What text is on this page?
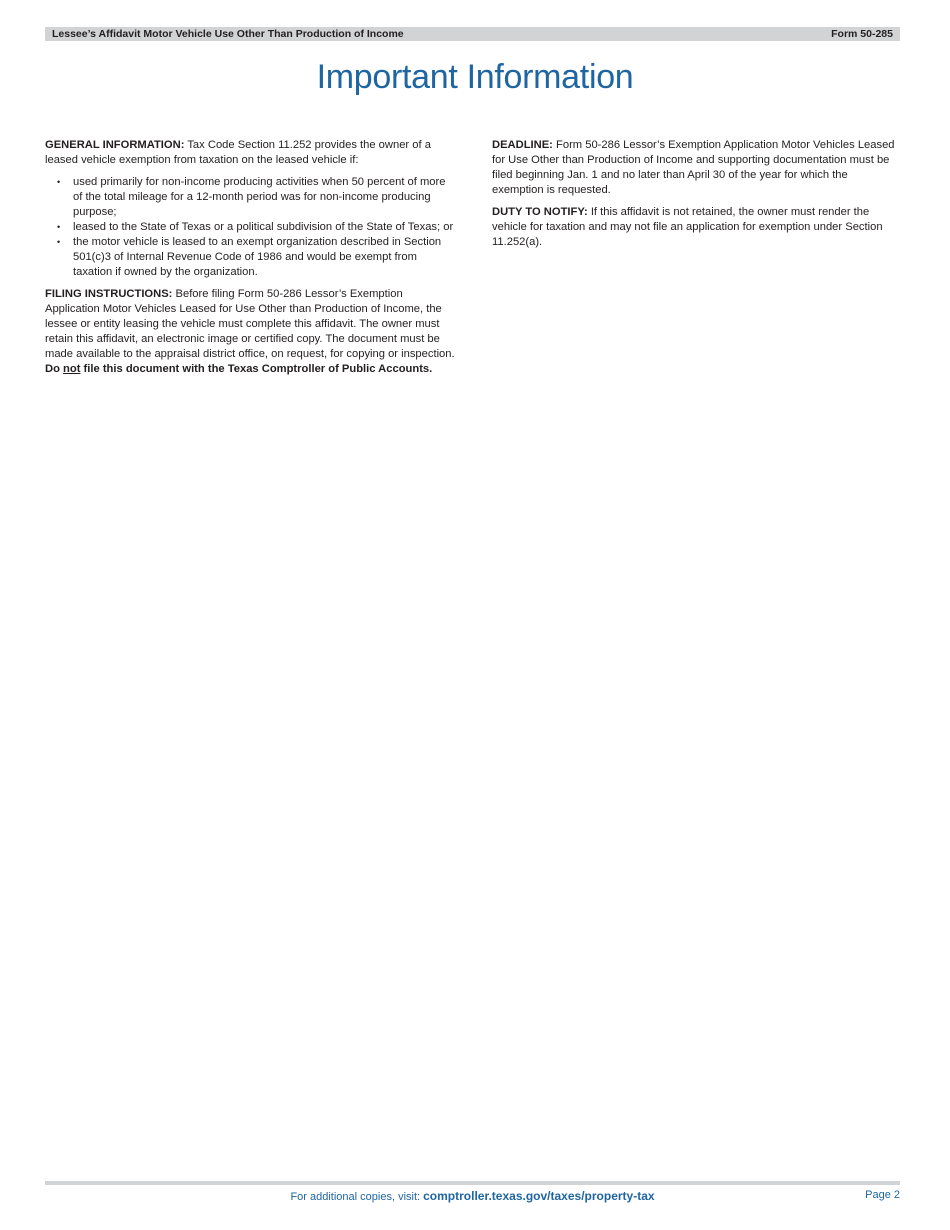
Lessee’s Affidavit Motor Vehicle Use Other Than Production of Income	Form 50-285
Important Information

GENERAL INFORMATION: Tax Code Section 11.252 provides the owner of a leased vehicle exemption from taxation on the leased vehicle if:

• used primarily for non-income producing activities when 50 percent of more of the total mileage for a 12-month period was for non-income producing purpose;
• leased to the State of Texas or a political subdivision of the State of Texas; or
• the motor vehicle is leased to an exempt organization described in Section 501(c)3 of Internal Revenue Code of 1986 and would be exempt from taxation if owned by the organization.

FILING INSTRUCTIONS: Before filing Form 50-286 Lessor’s Exemption Application Motor Vehicles Leased for Use Other than Production of Income, the lessee or entity leasing the vehicle must complete this affidavit. The owner must retain this affidavit, an electronic image or certified copy. The document must be made available to the appraisal district office, on request, for copying or inspection. Do not file this document with the Texas Comptroller of Public Accounts.

DEADLINE: Form 50-286 Lessor’s Exemption Application Motor Vehicles Leased for Use Other than Production of Income and supporting documentation must be filed beginning Jan. 1 and no later than April 30 of the year for which the exemption is requested.

DUTY TO NOTIFY: If this affidavit is not retained, the owner must render the vehicle for taxation and may not file an application for exemption under Section 11.252(a).

For additional copies, visit: comptroller.texas.gov/taxes/property-tax	Page 2
